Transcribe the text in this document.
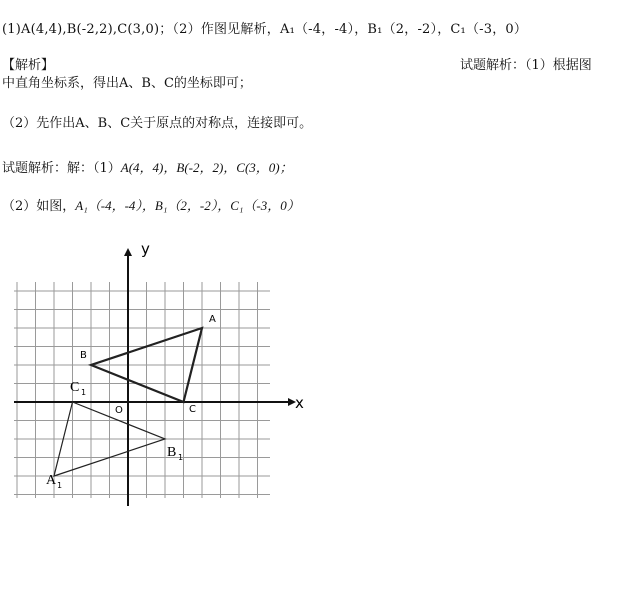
(1)A(4,4),B(-2,2),C(3,0)；（2）作图见解析，A₁（-4，-4），B₁（2，-2），C₁（-3，0）
【解析】	试题解析：（1）根据图
中直角坐标系，得出A、B、C的坐标即可；
（2）先作出A、B、C关于原点的对称点，连接即可。
试题解析：解：（1）A(4，4)，B(-2，2)，C(3，0)；
（2）如图，A₁（-4，-4），B₁（2，-2），C₁（-3，0）
y
x
O
A
B
C
C 1
B 1
A 1
